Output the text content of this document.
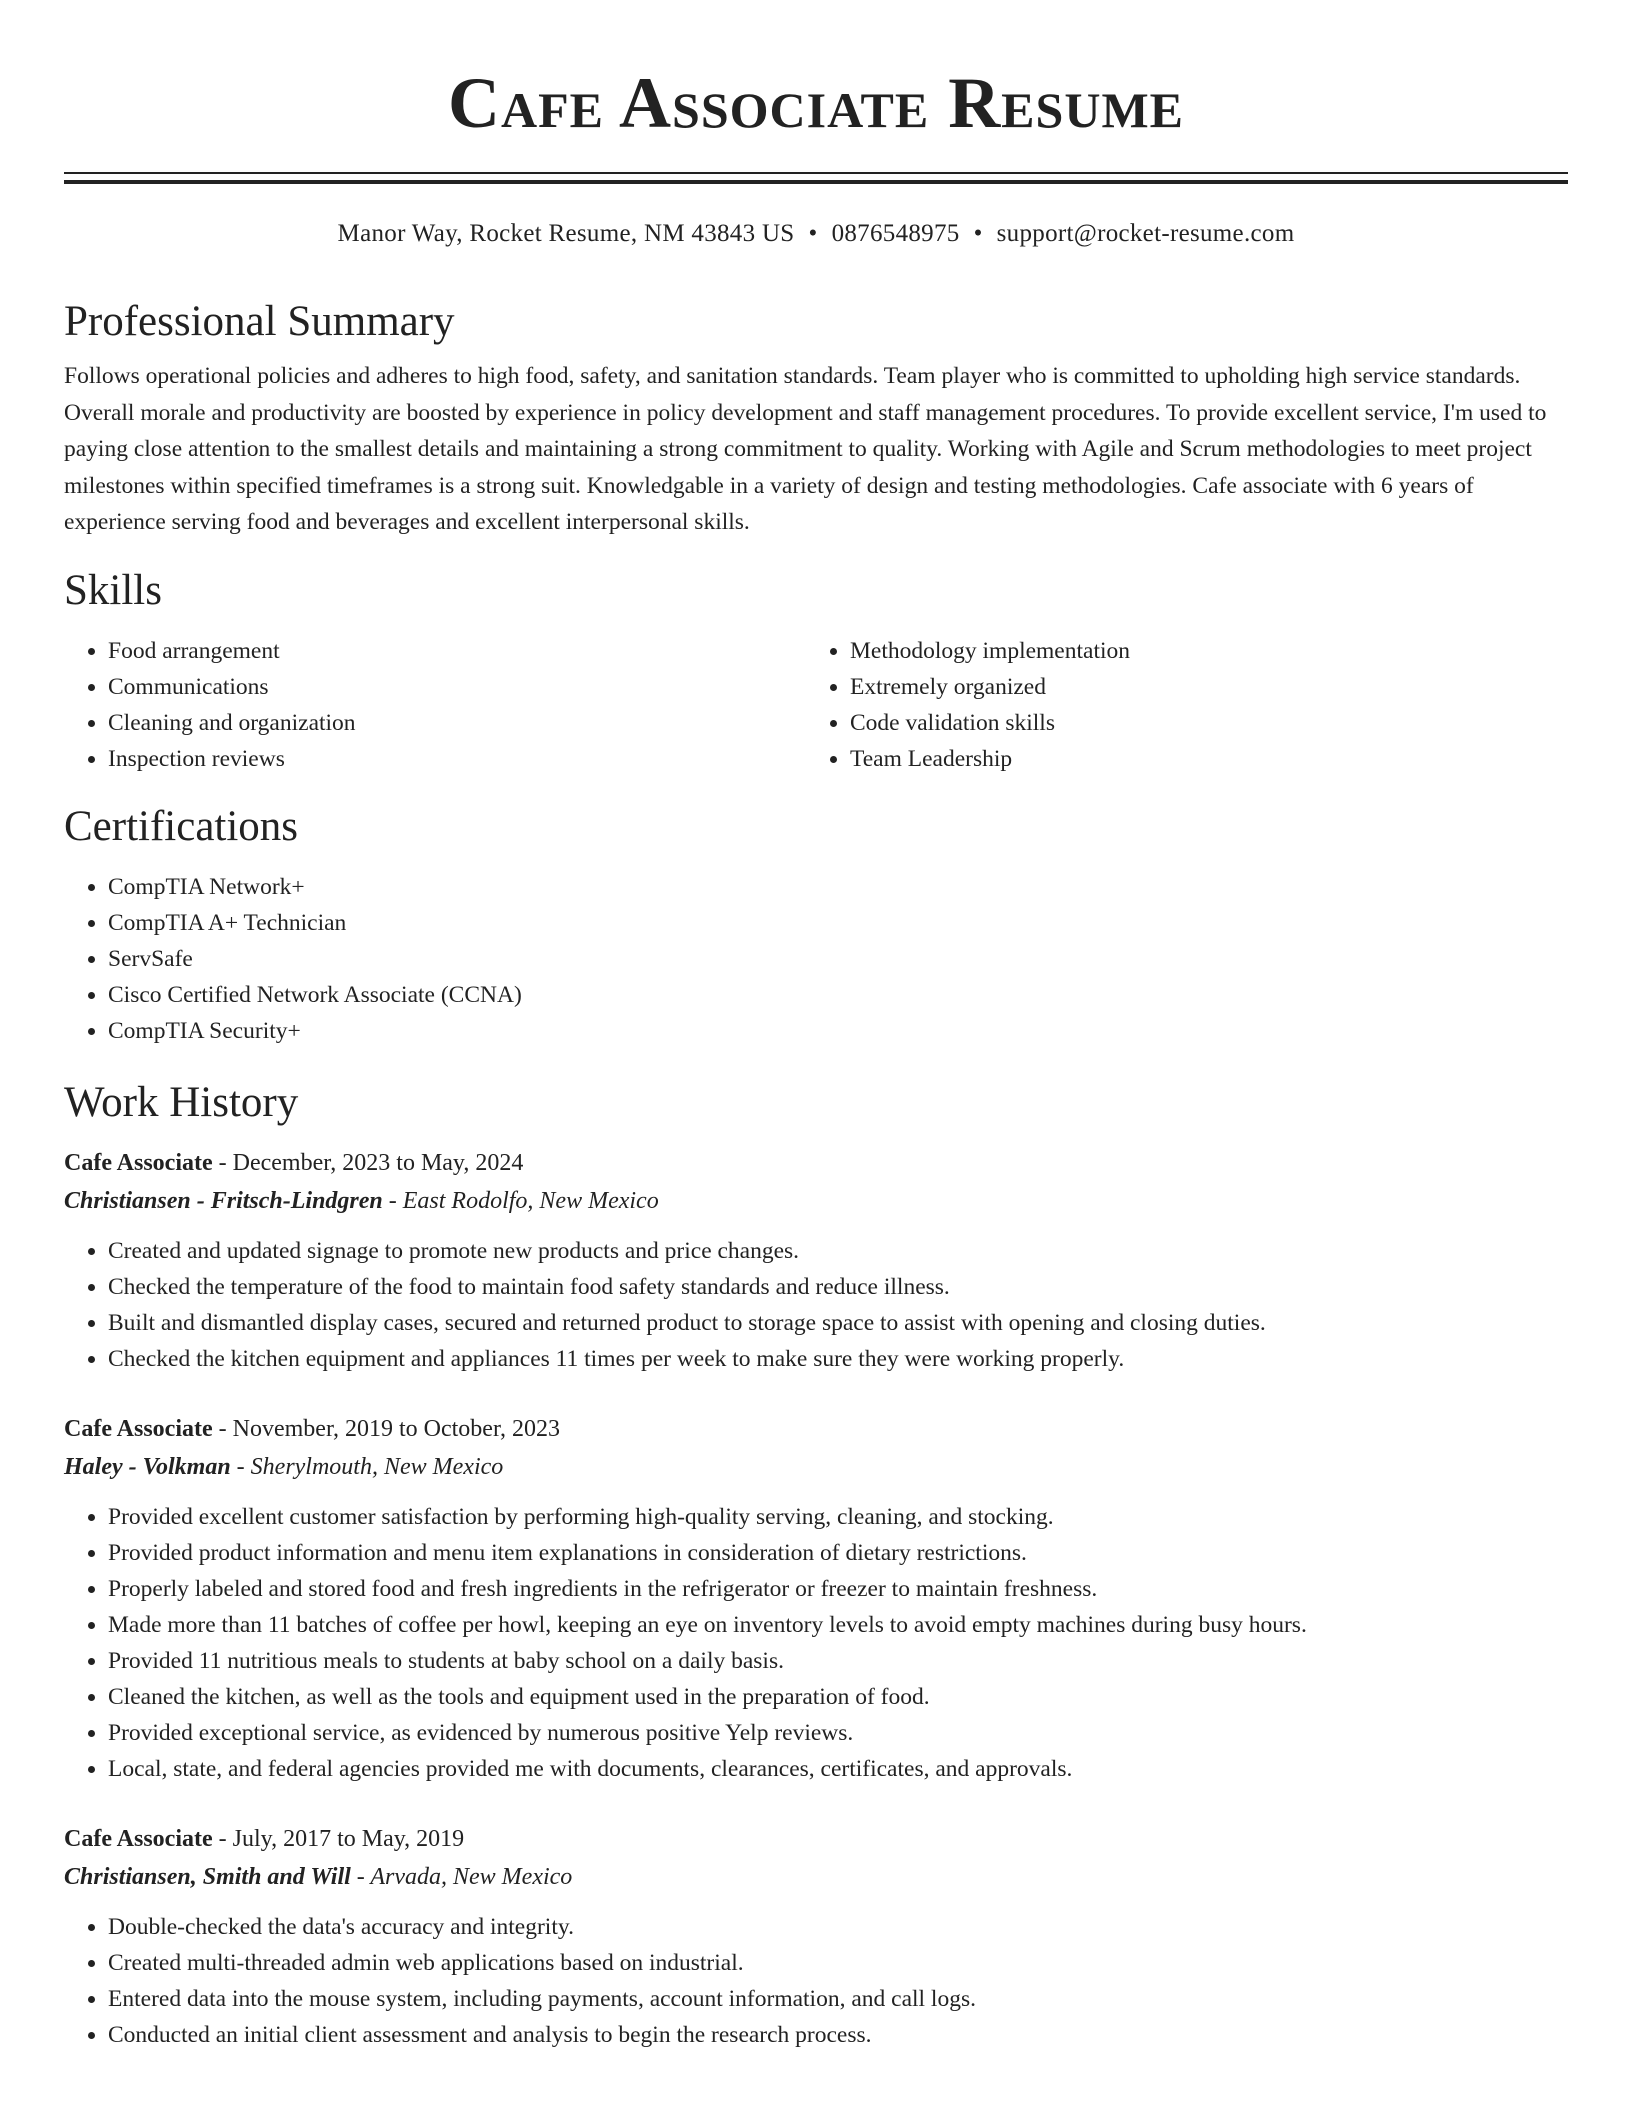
Cafe Associate Resume
Manor Way, Rocket Resume, NM 43843 US • 0876548975 • support@rocket-resume.com
Professional Summary

Follows operational policies and adheres to high food, safety, and sanitation standards. Team player who is committed to upholding high service standards. Overall morale and productivity are boosted by experience in policy development and staff management procedures. To provide excellent service, I'm used to paying close attention to the smallest details and maintaining a strong commitment to quality. Working with Agile and Scrum methodologies to meet project milestones within specified timeframes is a strong suit. Knowledgable in a variety of design and testing methodologies. Cafe associate with 6 years of experience serving food and beverages and excellent interpersonal skills.

Skills
• Food arrangement
• Communications
• Cleaning and organization
• Inspection reviews
• Methodology implementation
• Extremely organized
• Code validation skills
• Team Leadership
Certifications
• CompTIA Network+
• CompTIA A+ Technician
• ServSafe
• Cisco Certified Network Associate (CCNA)
• CompTIA Security+
Work History
Cafe Associate - December, 2023 to May, 2024
Christiansen - Fritsch-Lindgren - East Rodolfo, New Mexico
• Created and updated signage to promote new products and price changes.
• Checked the temperature of the food to maintain food safety standards and reduce illness.
• Built and dismantled display cases, secured and returned product to storage space to assist with opening and closing duties.
• Checked the kitchen equipment and appliances 11 times per week to make sure they were working properly.
Cafe Associate - November, 2019 to October, 2023
Haley - Volkman - Sherylmouth, New Mexico
• Provided excellent customer satisfaction by performing high-quality serving, cleaning, and stocking.
• Provided product information and menu item explanations in consideration of dietary restrictions.
• Properly labeled and stored food and fresh ingredients in the refrigerator or freezer to maintain freshness.
• Made more than 11 batches of coffee per howl, keeping an eye on inventory levels to avoid empty machines during busy hours.
• Provided 11 nutritious meals to students at baby school on a daily basis.
• Cleaned the kitchen, as well as the tools and equipment used in the preparation of food.
• Provided exceptional service, as evidenced by numerous positive Yelp reviews.
• Local, state, and federal agencies provided me with documents, clearances, certificates, and approvals.
Cafe Associate - July, 2017 to May, 2019
Christiansen, Smith and Will - Arvada, New Mexico
• Double-checked the data's accuracy and integrity.
• Created multi-threaded admin web applications based on industrial.
• Entered data into the mouse system, including payments, account information, and call logs.
• Conducted an initial client assessment and analysis to begin the research process.
